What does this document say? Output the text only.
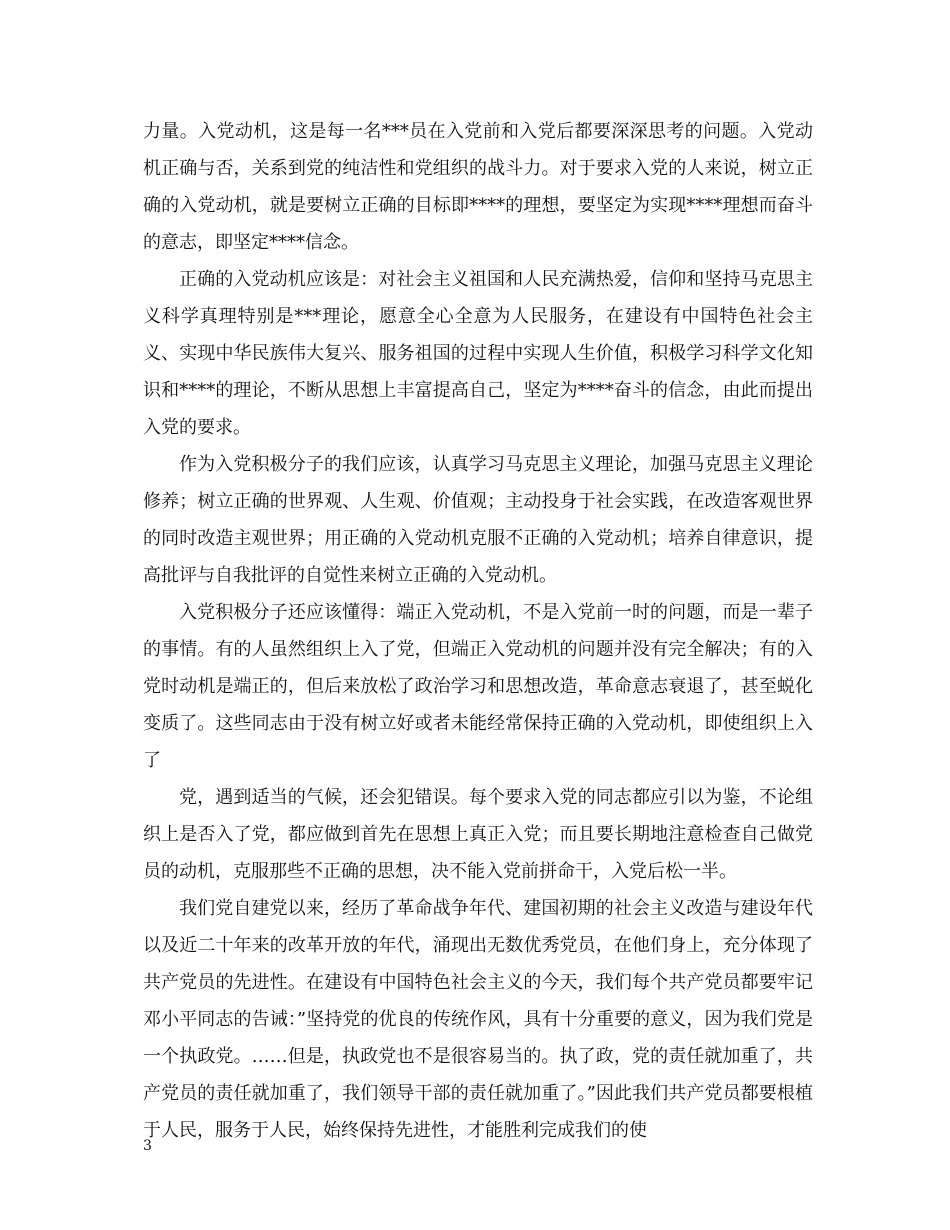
力量。入党动机，这是每一名***员在入党前和入党后都要深深思考的问题。入党动机正确与否，关系到党的纯洁性和党组织的战斗力。对于要求入党的人来说，树立正确的入党动机，就是要树立正确的目标即****的理想，要坚定为实现****理想而奋斗的意志，即坚定****信念。

正确的入党动机应该是：对社会主义祖国和人民充满热爱，信仰和坚持马克思主义科学真理特别是***理论，愿意全心全意为人民服务，在建设有中国特色社会主义、实现中华民族伟大复兴、服务祖国的过程中实现人生价值，积极学习科学文化知识和****的理论，不断从思想上丰富提高自己，坚定为****奋斗的信念，由此而提出入党的要求。

作为入党积极分子的我们应该，认真学习马克思主义理论，加强马克思主义理论修养；树立正确的世界观、人生观、价值观；主动投身于社会实践，在改造客观世界的同时改造主观世界；用正确的入党动机克服不正确的入党动机；培养自律意识，提高批评与自我批评的自觉性来树立正确的入党动机。

入党积极分子还应该懂得：端正入党动机，不是入党前一时的问题，而是一辈子的事情。有的人虽然组织上入了党，但端正入党动机的问题并没有完全解决；有的入党时动机是端正的，但后来放松了政治学习和思想改造，革命意志衰退了，甚至蜕化变质了。这些同志由于没有树立好或者未能经常保持正确的入党动机，即使组织上入了

党，遇到适当的气候，还会犯错误。每个要求入党的同志都应引以为鉴，不论组织上是否入了党，都应做到首先在思想上真正入党；而且要长期地注意检查自己做党员的动机，克服那些不正确的思想，决不能入党前拼命干，入党后松一半。

我们党自建党以来，经历了革命战争年代、建国初期的社会主义改造与建设年代以及近二十年来的改革开放的年代，涌现出无数优秀党员，在他们身上，充分体现了共产党员的先进性。在建设有中国特色社会主义的今天，我们每个共产党员都要牢记邓小平同志的告诫：”坚持党的优良的传统作风，具有十分重要的意义，因为我们党是一个执政党。……但是，执政党也不是很容易当的。执了政，党的责任就加重了，共产党员的责任就加重了，我们领导干部的责任就加重了。”因此我们共产党员都要根植于人民，服务于人民，始终保持先进性，才能胜利完成我们的使

3
